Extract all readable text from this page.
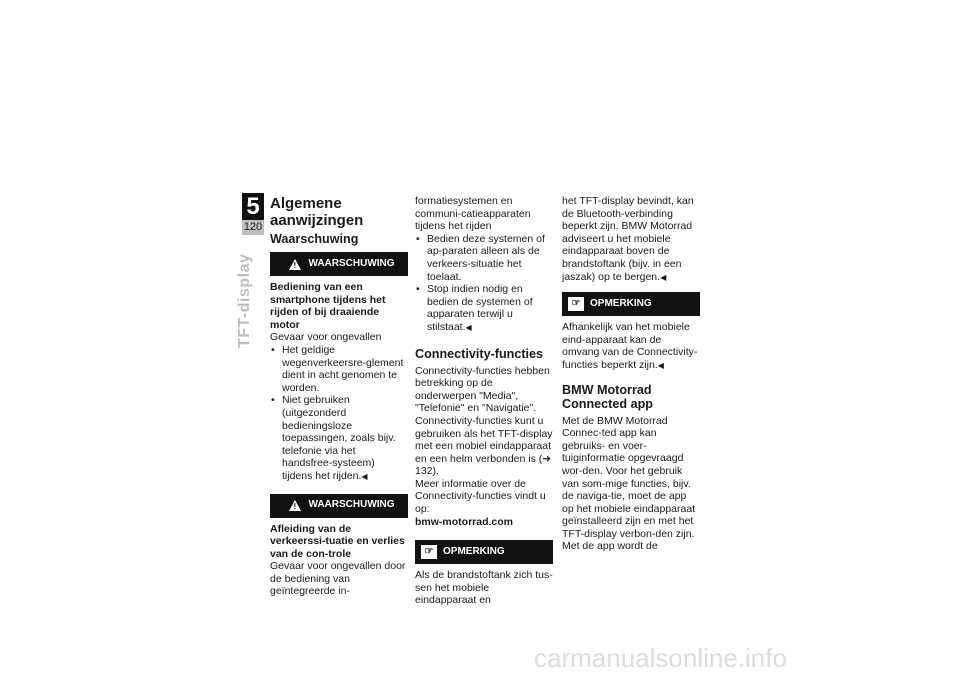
5
120
TFT-display
Algemene aanwijzingen
Waarschuwing
!
WAARSCHUWING
Bediening van een smartphone tijdens het rijden of bij draaiende motor
Gevaar voor ongevallen
• Het geldige wegenverkeersre-glement dient in acht genomen te worden.
• Niet gebruiken (uitgezonderd bedieningsloze toepassingen, zoals bijv. telefonie via het handsfree-systeem) tijdens het rijden.◀
!
WAARSCHUWING
Afleiding van de verkeerssi-tuatie en verlies van de con-trole
Gevaar voor ongevallen door de bediening van geïntegreerde in-
formatiesystemen en communi-catieapparaten tijdens het rijden
• Bedien deze systemen of ap-paraten alleen als de verkeers-situatie het toelaat.
• Stop indien nodig en bedien de systemen of apparaten terwijl u stilstaat.◀
Connectivity-functies
Connectivity-functies hebben betrekking op de onderwerpen "Media", "Telefonie" en "Navigatie". Connectivity-functies kunt u gebruiken als het TFT-display met een mobiel eindapparaat en een helm verbonden is (➜ 132).
Meer informatie over de Connectivity-functies vindt u op:
bmw-motorrad.com
☞ OPMERKING
Als de brandstoftank zich tus-sen het mobiele eindapparaat en
het TFT-display bevindt, kan de Bluetooth-verbinding beperkt zijn. BMW Motorrad adviseert u het mobiele eindapparaat boven de brandstoftank (bijv. in een jaszak) op te bergen.◀
☞ OPMERKING
Afhankelijk van het mobiele eind-apparaat kan de omvang van de Connectivity-functies beperkt zijn.◀
BMW Motorrad Connected app
Met de BMW Motorrad Connec-ted app kan gebruiks- en voer-tuiginformatie opgevraagd wor-den. Voor het gebruik van som-mige functies, bijv. de naviga-tie, moet de app op het mobiele eindapparaat geïnstalleerd zijn en met het TFT-display verbon-den zijn. Met de app wordt de
carmanualsonline.info
